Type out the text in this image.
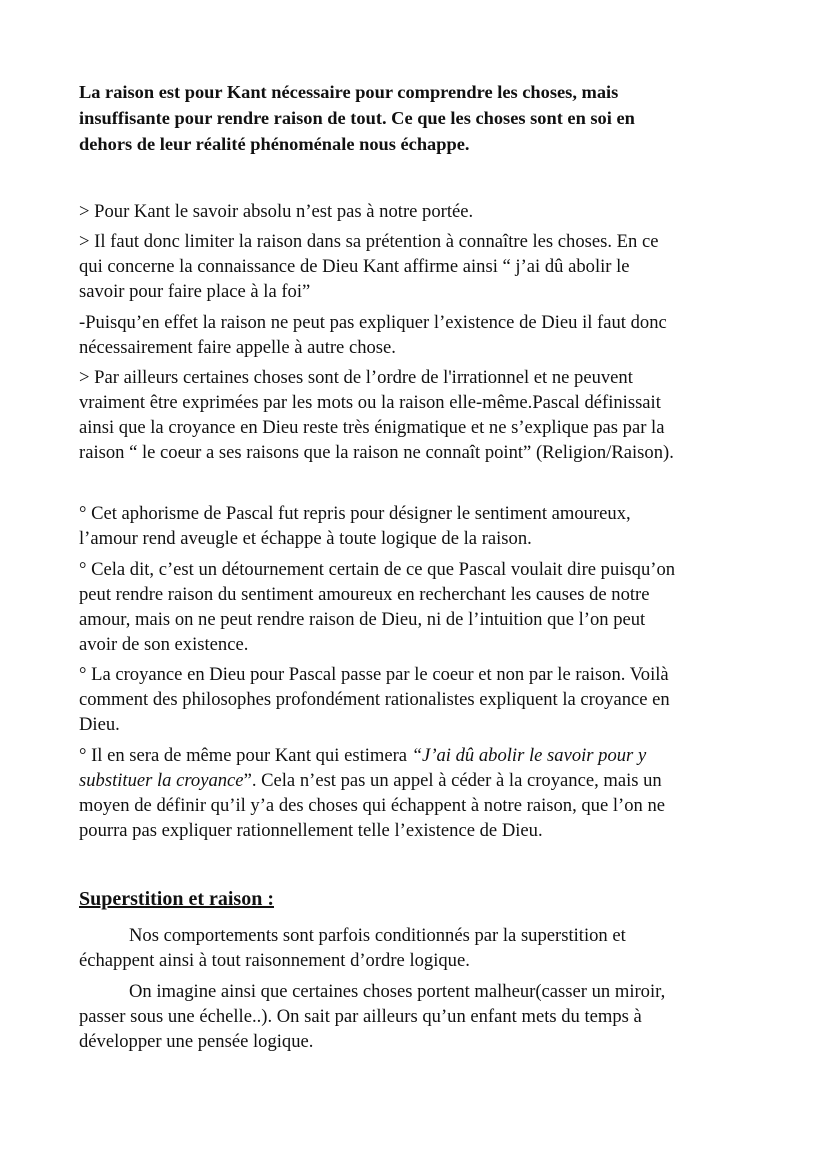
La raison est pour Kant nécessaire pour comprendre les choses, mais
insuffisante pour rendre raison de tout. Ce que les choses sont en soi en
dehors de leur réalité phénoménale nous échappe.
> Pour Kant le savoir absolu n’est pas à notre portée.
> Il faut donc limiter la raison dans sa prétention à connaître les choses. En ce
qui concerne la connaissance de Dieu Kant affirme ainsi “ j’ai dû abolir le
savoir pour faire place à la foi”
-Puisqu’en effet la raison ne peut pas expliquer l’existence de Dieu il faut donc
nécessairement faire appelle à autre chose.
> Par ailleurs certaines choses sont de l’ordre de l'irrationnel et ne peuvent
vraiment être exprimées par les mots ou la raison elle-même.Pascal définissait
ainsi que la croyance en Dieu reste très énigmatique et ne s’explique pas par la
raison “ le coeur a ses raisons que la raison ne connaît point” (Religion/Raison).
° Cet aphorisme de Pascal fut repris pour désigner le sentiment amoureux,
l’amour rend aveugle et échappe à toute logique de la raison.
° Cela dit, c’est un détournement certain de ce que Pascal voulait dire puisqu’on
peut rendre raison du sentiment amoureux en recherchant les causes de notre
amour, mais on ne peut rendre raison de Dieu, ni de l’intuition que l’on peut
avoir de son existence.
° La croyance en Dieu pour Pascal passe par le coeur et non par le raison. Voilà
comment des philosophes profondément rationalistes expliquent la croyance en
Dieu.
° Il en sera de même pour Kant qui estimera “J’ai dû abolir le savoir pour y
substituer la croyance”. Cela n’est pas un appel à céder à la croyance, mais un
moyen de définir qu’il y’a des choses qui échappent à notre raison, que l’on ne
pourra pas expliquer rationnellement telle l’existence de Dieu.
Superstition et raison :
Nos comportements sont parfois conditionnés par la superstition et
échappent ainsi à tout raisonnement d’ordre logique.
On imagine ainsi que certaines choses portent malheur(casser un miroir,
passer sous une échelle..). On sait par ailleurs qu’un enfant mets du temps à
développer une pensée logique.
